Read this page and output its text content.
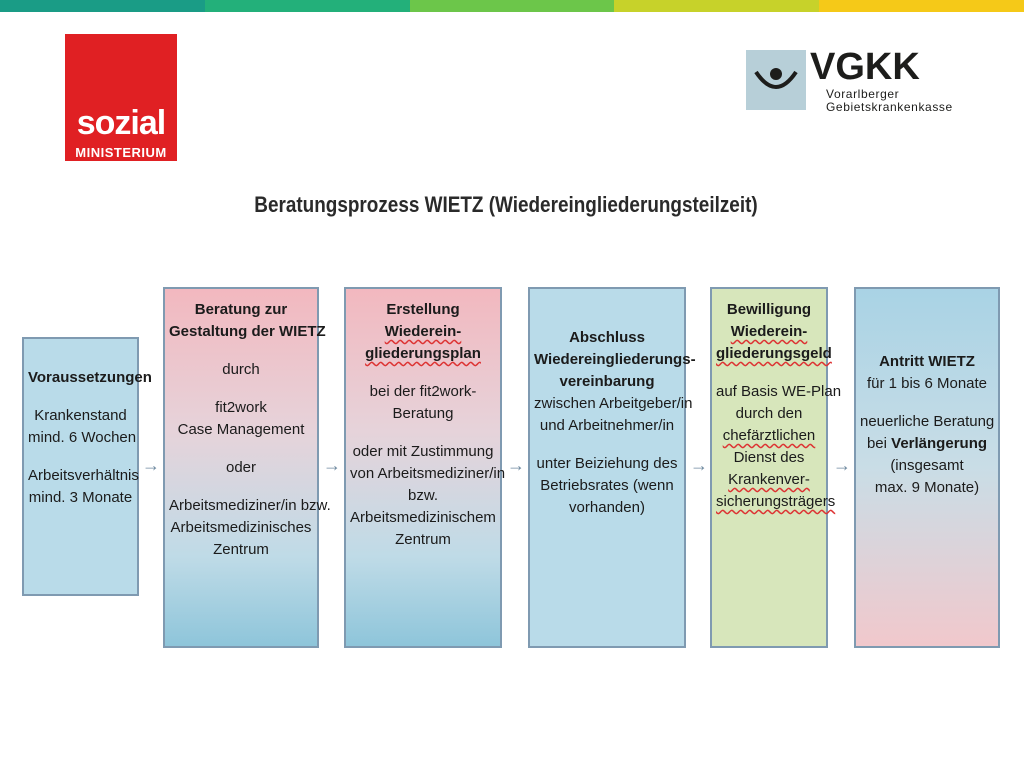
sozial
MINISTERIUM
VGKK
Vorarlberger
Gebietskrankenkasse
Beratungsprozess WIETZ (Wiedereingliederungsteilzeit)
Voraussetzungen
Krankenstand
mind. 6 Wochen
Arbeitsverhältnis
mind. 3 Monate
Beratung zur
Gestaltung der WIETZ
durch
fit2work
Case Management
oder
Arbeitsmediziner/in bzw.
Arbeitsmedizinisches
Zentrum
Erstellung
Wiederein-
gliederungsplan
bei der fit2work-
Beratung
oder mit Zustimmung
von Arbeitsmediziner/in
bzw.
Arbeitsmedizinischem
Zentrum
Abschluss
Wiedereingliederungs-
vereinbarung
zwischen Arbeitgeber/in
und Arbeitnehmer/in
unter Beiziehung des
Betriebsrates (wenn
vorhanden)
Bewilligung
Wiederein-
gliederungsgeld
auf Basis WE-Plan
durch den
chefärztlichen
Dienst des
Krankenver-
sicherungsträgers
Antritt WIETZ
für 1 bis 6 Monate
neuerliche Beratung
bei Verlängerung
(insgesamt
max. 9 Monate)
→	→	→	→	→
